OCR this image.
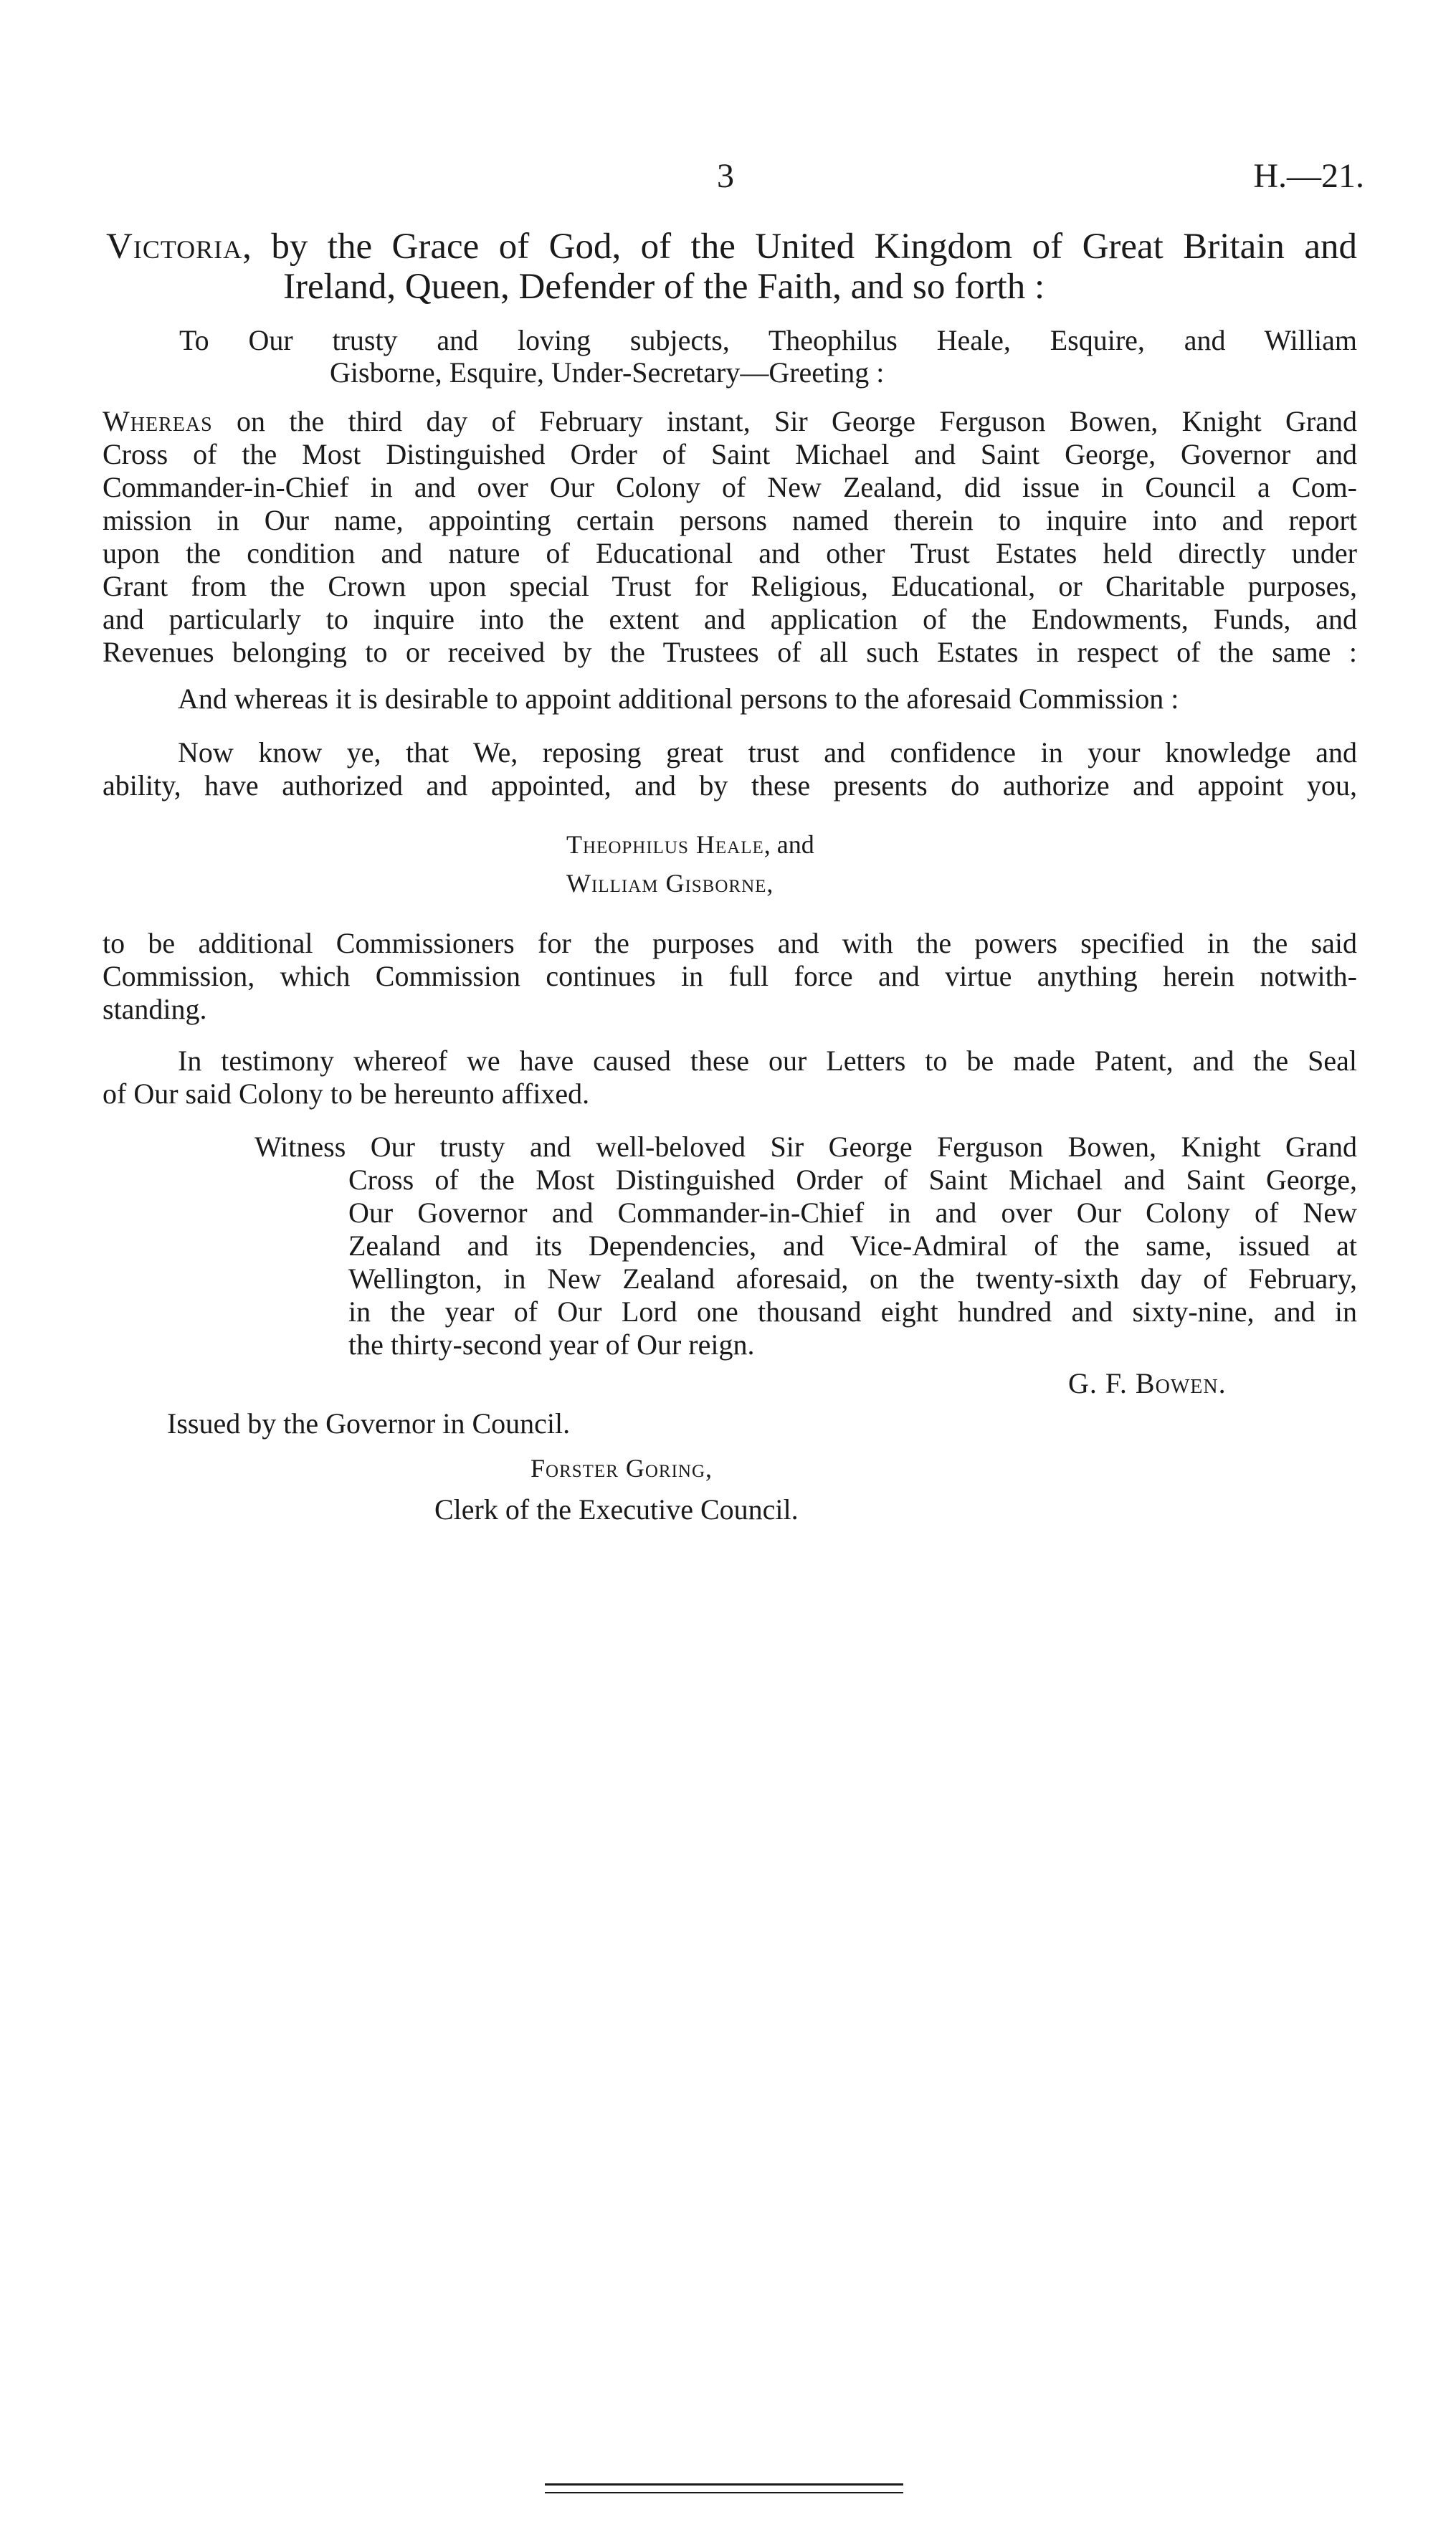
3	H.—21.
Victoria, by the Grace of God, of the United Kingdom of Great Britain and
Ireland, Queen, Defender of the Faith, and so forth :
To Our trusty and loving subjects, Theophilus Heale, Esquire, and William
Gisborne, Esquire, Under-Secretary—Greeting :
Whereas on the third day of February instant, Sir George Ferguson Bowen, Knight Grand
Cross of the Most Distinguished Order of Saint Michael and Saint George, Governor and
Commander-in-Chief in and over Our Colony of New Zealand, did issue in Council a Com-
mission in Our name, appointing certain persons named therein to inquire into and report
upon the condition and nature of Educational and other Trust Estates held directly under
Grant from the Crown upon special Trust for Religious, Educational, or Charitable purposes,
and particularly to inquire into the extent and application of the Endowments, Funds, and
Revenues belonging to or received by the Trustees of all such Estates in respect of the same :
And whereas it is desirable to appoint additional persons to the aforesaid Commission :
Now know ye, that We, reposing great trust and confidence in your knowledge and
ability, have authorized and appointed, and by these presents do authorize and appoint you,
Theophilus Heale, and
William Gisborne,
to be additional Commissioners for the purposes and with the powers specified in the said
Commission, which Commission continues in full force and virtue anything herein notwith-
standing.
In testimony whereof we have caused these our Letters to be made Patent, and the Seal
of Our said Colony to be hereunto affixed.
Witness Our trusty and well-beloved Sir George Ferguson Bowen, Knight Grand
Cross of the Most Distinguished Order of Saint Michael and Saint George,
Our Governor and Commander-in-Chief in and over Our Colony of New
Zealand and its Dependencies, and Vice-Admiral of the same, issued at
Wellington, in New Zealand aforesaid, on the twenty-sixth day of February,
in the year of Our Lord one thousand eight hundred and sixty-nine, and in
the thirty-second year of Our reign.
G. F. Bowen.
Issued by the Governor in Council.
Forster Goring,
Clerk of the Executive Council.
